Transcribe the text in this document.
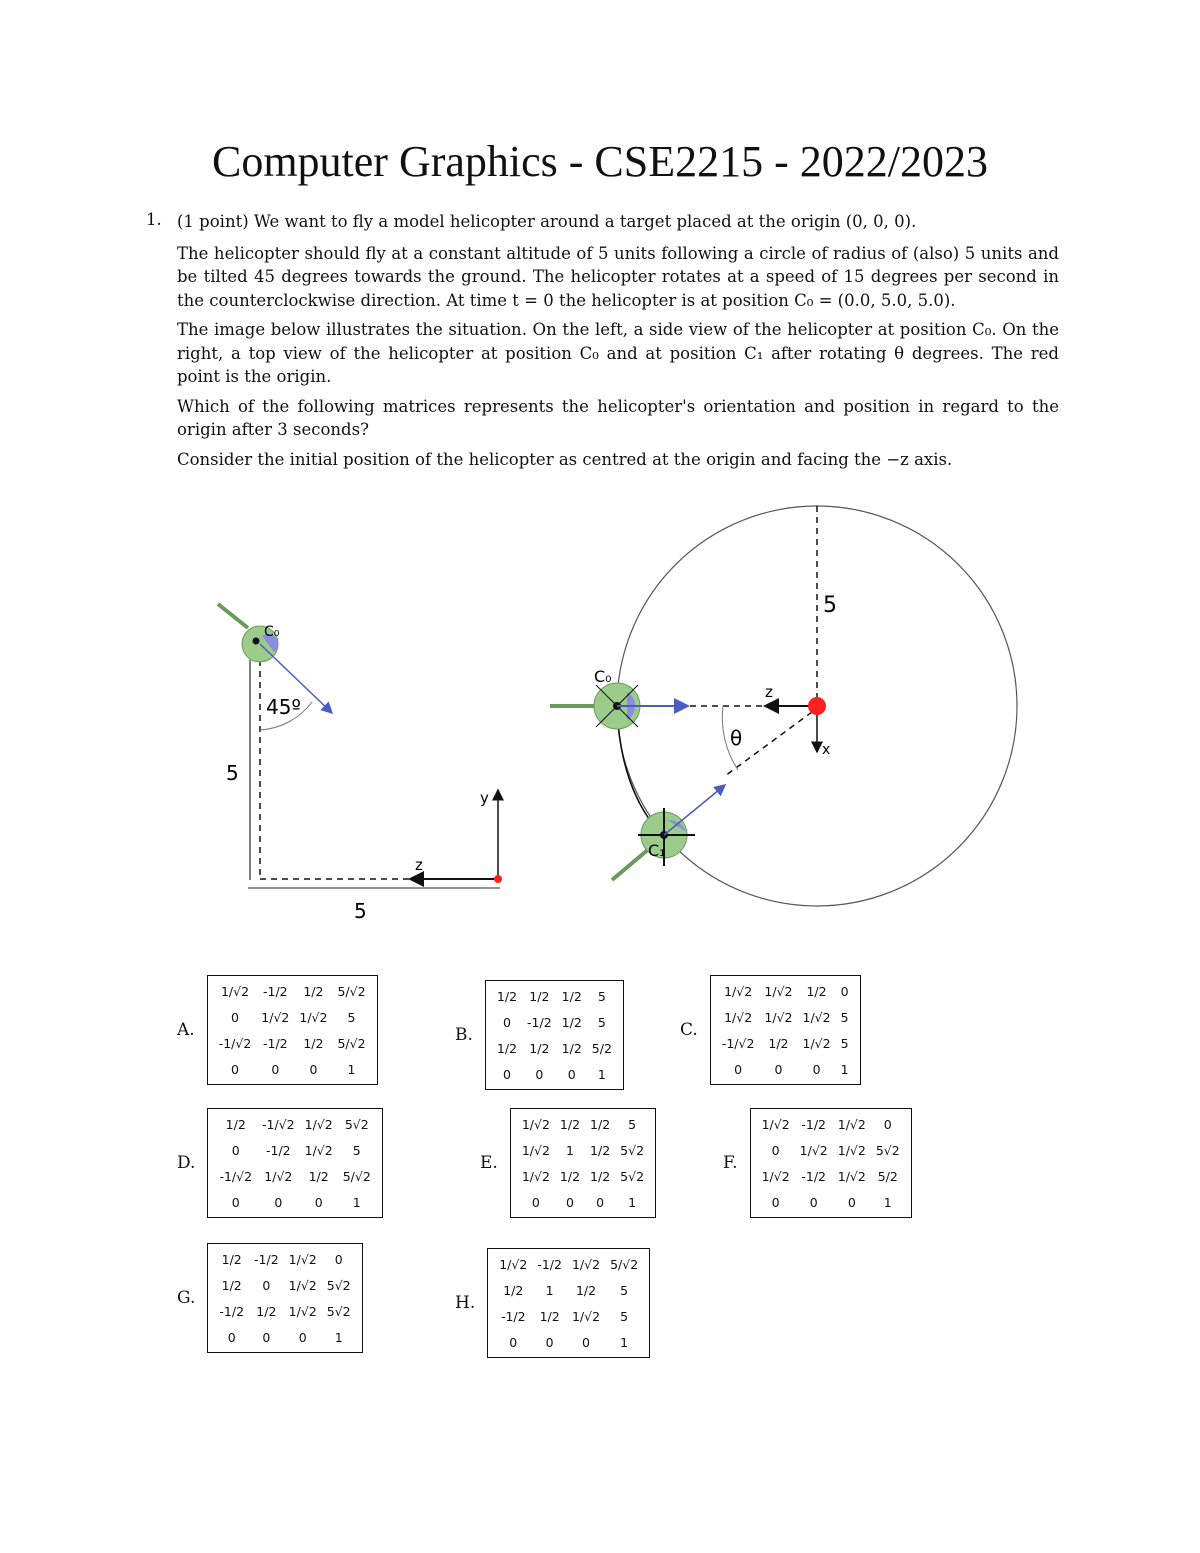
Computer Graphics - CSE2215 - 2022/2023
1. (1 point) We want to fly a model helicopter around a target placed at the origin (0, 0, 0).

The helicopter should fly at a constant altitude of 5 units following a circle of radius of (also) 5 units and be tilted 45 degrees towards the ground. The helicopter rotates at a speed of 15 degrees per second in the counterclockwise direction. At time t = 0 the helicopter is at position C₀ = (0.0, 5.0, 5.0).

The image below illustrates the situation. On the left, a side view of the helicopter at position C₀. On the right, a top view of the helicopter at position C₀ and at position C₁ after rotating θ degrees. The red point is the origin.

Which of the following matrices represents the helicopter's orientation and position in regard to the origin after 3 seconds?

Consider the initial position of the helicopter as centred at the origin and facing the −z axis.

C₀
45º
5
5
y
z
C₀
C₁
5
θ
z
x
A.
1/√2	-1/2	1/2	5/√2
0	1/√2	1/√2	5
-1/√2	-1/2	1/2	5/√2
0	0	0	1
B.
1/2	1/2	1/2	5
0	-1/2	1/2	5
1/2	1/2	1/2	5/2
0	0	0	1
C.
1/√2	1/√2	1/2	0
1/√2	1/√2	1/√2	5
-1/√2	1/2	1/√2	5
0	0	0	1
D.
1/2	-1/√2	1/√2	5√2
0	-1/2	1/√2	5
-1/√2	1/√2	1/2	5/√2
0	0	0	1
E.
1/√2	1/2	1/2	5
1/√2	1	1/2	5√2
1/√2	1/2	1/2	5√2
0	0	0	1
F.
1/√2	-1/2	1/√2	0
0	1/√2	1/√2	5√2
1/√2	-1/2	1/√2	5/2
0	0	0	1
G.
1/2	-1/2	1/√2	0
1/2	0	1/√2	5√2
-1/2	1/2	1/√2	5√2
0	0	0	1
H.
1/√2	-1/2	1/√2	5/√2
1/2	1	1/2	5
-1/2	1/2	1/√2	5
0	0	0	1
